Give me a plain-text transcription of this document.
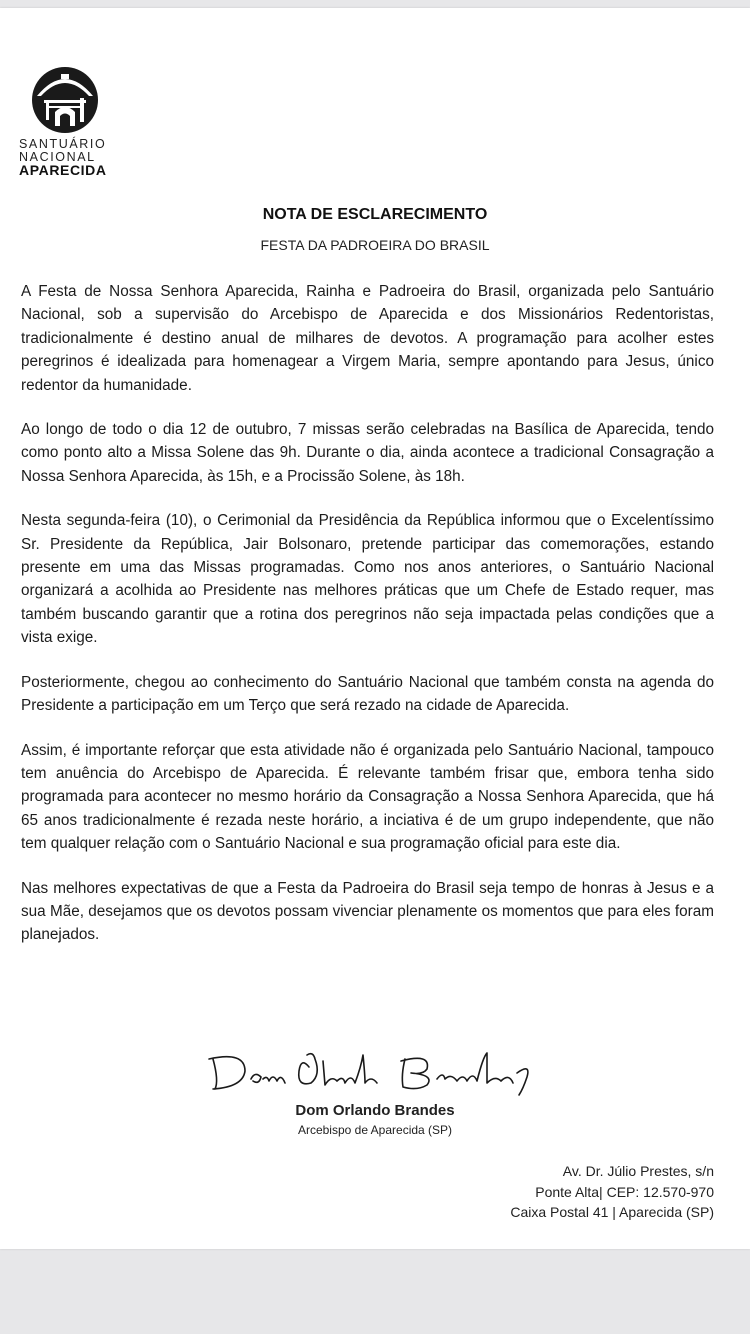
SANTUÁRIO
NACIONAL
APARECIDA
NOTA DE ESCLARECIMENTO
FESTA DA PADROEIRA DO BRASIL

A Festa de Nossa Senhora Aparecida, Rainha e Padroeira do Brasil, organizada pelo Santuário Nacional, sob a supervisão do Arcebispo de Aparecida e dos Missionários Redentoristas, tradicionalmente é destino anual de milhares de devotos. A programação para acolher estes peregrinos é idealizada para homenagear a Virgem Maria, sempre apontando para Jesus, único redentor da humanidade.

Ao longo de todo o dia 12 de outubro, 7 missas serão celebradas na Basílica de Aparecida, tendo como ponto alto a Missa Solene das 9h. Durante o dia, ainda acontece a tradicional Consagração a Nossa Senhora Aparecida, às 15h, e a Procissão Solene, às 18h.

Nesta segunda-feira (10), o Cerimonial da Presidência da República informou que o Excelentíssimo Sr. Presidente da República, Jair Bolsonaro, pretende participar das comemorações, estando presente em uma das Missas programadas. Como nos anos anteriores, o Santuário Nacional organizará a acolhida ao Presidente nas melhores práticas que um Chefe de Estado requer, mas também buscando garantir que a rotina dos peregrinos não seja impactada pelas condições que a vista exige.

Posteriormente, chegou ao conhecimento do Santuário Nacional que também consta na agenda do Presidente a participação em um Terço que será rezado na cidade de Aparecida.

Assim, é importante reforçar que esta atividade não é organizada pelo Santuário Nacional, tampouco tem anuência do Arcebispo de Aparecida. É relevante também frisar que, embora tenha sido programada para acontecer no mesmo horário da Consagração a Nossa Senhora Aparecida, que há 65 anos tradicionalmente é rezada neste horário, a inciativa é de um grupo independente, que não tem qualquer relação com o Santuário Nacional e sua programação oficial para este dia.

Nas melhores expectativas de que a Festa da Padroeira do Brasil seja tempo de honras à Jesus e a sua Mãe, desejamos que os devotos possam vivenciar plenamente os momentos que para eles foram planejados.

Dom Orlando Brandes
Arcebispo de Aparecida (SP)
Av. Dr. Júlio Prestes, s/n
Ponte Alta| CEP: 12.570-970
Caixa Postal 41 | Aparecida (SP)
